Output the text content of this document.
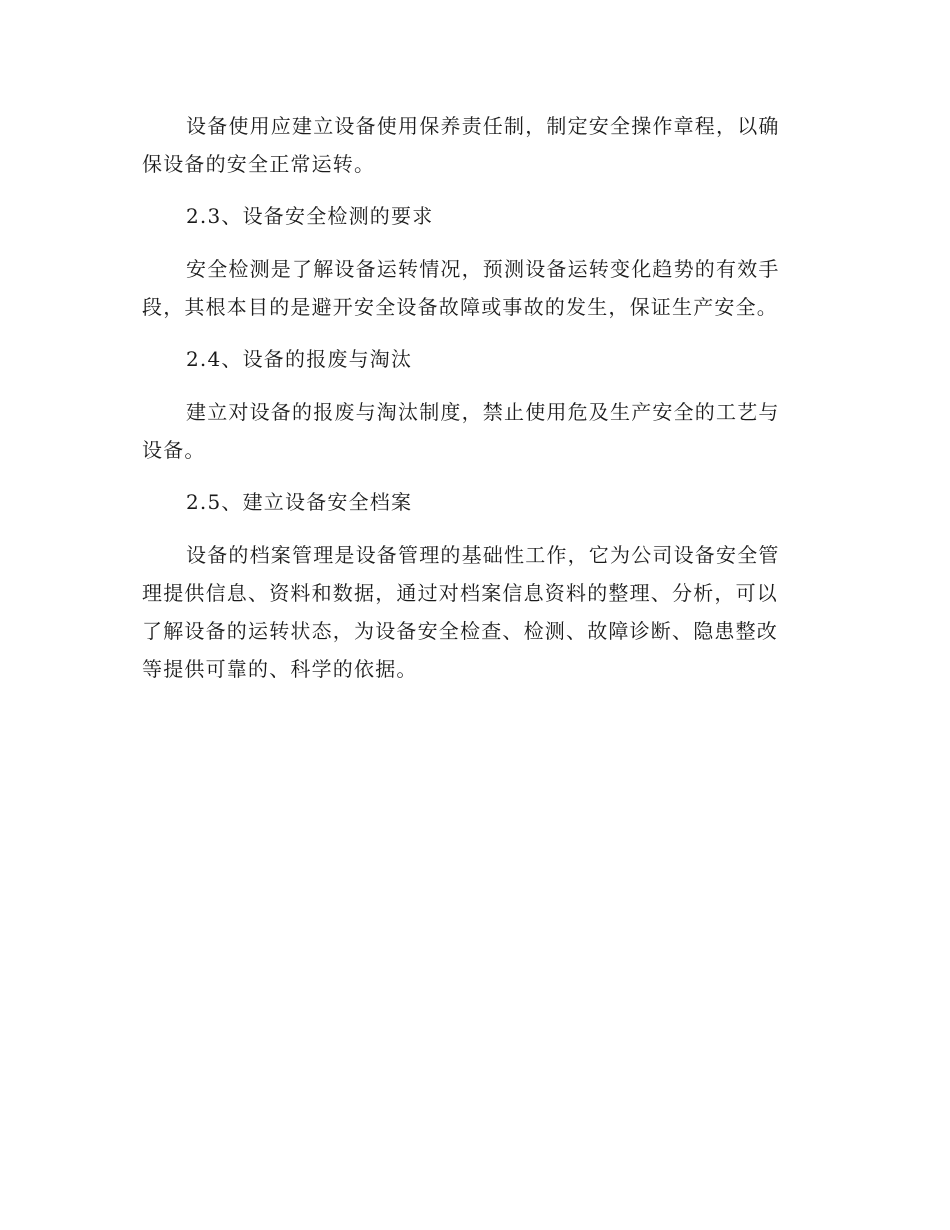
设备使用应建立设备使用保养责任制，制定安全操作章程，以确
保设备的安全正常运转。
2.3、设备安全检测的要求
安全检测是了解设备运转情况，预测设备运转变化趋势的有效手
段，其根本目的是避开安全设备故障或事故的发生，保证生产安全。
2.4、设备的报废与淘汰
建立对设备的报废与淘汰制度，禁止使用危及生产安全的工艺与
设备。
2.5、建立设备安全档案
设备的档案管理是设备管理的基础性工作，它为公司设备安全管
理提供信息、资料和数据，通过对档案信息资料的整理、分析，可以
了解设备的运转状态，为设备安全检查、检测、故障诊断、隐患整改
等提供可靠的、科学的依据。
